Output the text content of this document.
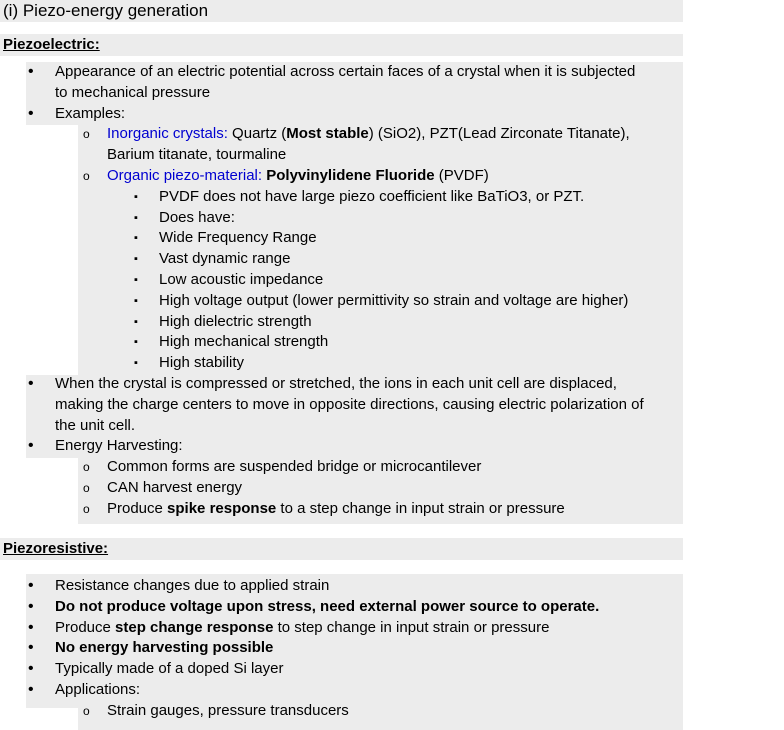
(i) Piezo-energy generation
Piezoelectric:
• Appearance of an electric potential across certain faces of a crystal when it is subjected
to mechanical pressure
• Examples:
o Inorganic crystals: Quartz (Most stable) (SiO2), PZT(Lead Zirconate Titanate),
Barium titanate, tourmaline
o Organic piezo-material: Polyvinylidene Fluoride (PVDF)
▪ PVDF does not have large piezo coefficient like BaTiO3, or PZT.
▪ Does have:
▪ Wide Frequency Range
▪ Vast dynamic range
▪ Low acoustic impedance
▪ High voltage output (lower permittivity so strain and voltage are higher)
▪ High dielectric strength
▪ High mechanical strength
▪ High stability
• When the crystal is compressed or stretched, the ions in each unit cell are displaced,
making the charge centers to move in opposite directions, causing electric polarization of
the unit cell.
• Energy Harvesting:
o Common forms are suspended bridge or microcantilever
o CAN harvest energy
o Produce spike response to a step change in input strain or pressure
Piezoresistive:
• Resistance changes due to applied strain
• Do not produce voltage upon stress, need external power source to operate.
• Produce step change response to step change in input strain or pressure
• No energy harvesting possible
• Typically made of a doped Si layer
• Applications:
o Strain gauges, pressure transducers
